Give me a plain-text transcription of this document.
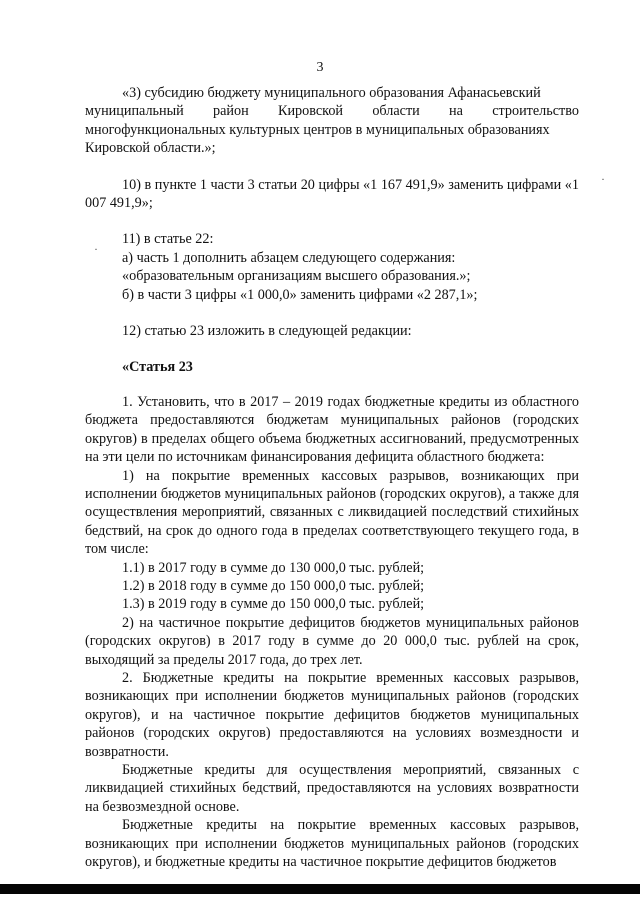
3

«3) субсидию бюджету муниципального образования Афанасьевский

муниципальный район Кировской области на строительство

многофункциональных культурных центров в муниципальных образованиях Кировской области.»;

10) в пункте 1 части 3 статьи 20 цифры «1 167 491,9» заменить цифрами «1 007 491,9»;

11) в статье 22:

а) часть 1 дополнить абзацем следующего содержания:

«образовательным организациям высшего образования.»;

б) в части 3 цифры «1 000,0» заменить цифрами «2 287,1»;

12) статью 23 изложить в следующей редакции:

«Статья 23

1. Установить, что в 2017 – 2019 годах бюджетные кредиты из областного бюджета предоставляются бюджетам муниципальных районов (городских округов) в пределах общего объема бюджетных ассигнований, предусмотренных на эти цели по источникам финансирования дефицита областного бюджета:

1) на покрытие временных кассовых разрывов, возникающих при исполнении бюджетов муниципальных районов (городских округов), а также для осуществления мероприятий, связанных с ликвидацией последствий стихийных бедствий, на срок до одного года в пределах соответствующего текущего года, в том числе:

1.1) в 2017 году в сумме до 130 000,0 тыс. рублей;

1.2) в 2018 году в сумме до 150 000,0 тыс. рублей;

1.3) в 2019 году в сумме до 150 000,0 тыс. рублей;

2) на частичное покрытие дефицитов бюджетов муниципальных районов (городских округов) в 2017 году в сумме до 20 000,0 тыс. рублей на срок, выходящий за пределы 2017 года, до трех лет.

2. Бюджетные кредиты на покрытие временных кассовых разрывов, возникающих при исполнении бюджетов муниципальных районов (городских округов), и на частичное покрытие дефицитов бюджетов муниципальных районов (городских округов) предоставляются на условиях возмездности и возвратности.

Бюджетные кредиты для осуществления мероприятий, связанных с ликвидацией стихийных бедствий, предоставляются на условиях возвратности на безвозмездной основе.

Бюджетные кредиты на покрытие временных кассовых разрывов, возникающих при исполнении бюджетов муниципальных районов (городских округов), и бюджетные кредиты на частичное покрытие дефицитов бюджетов

·
·
